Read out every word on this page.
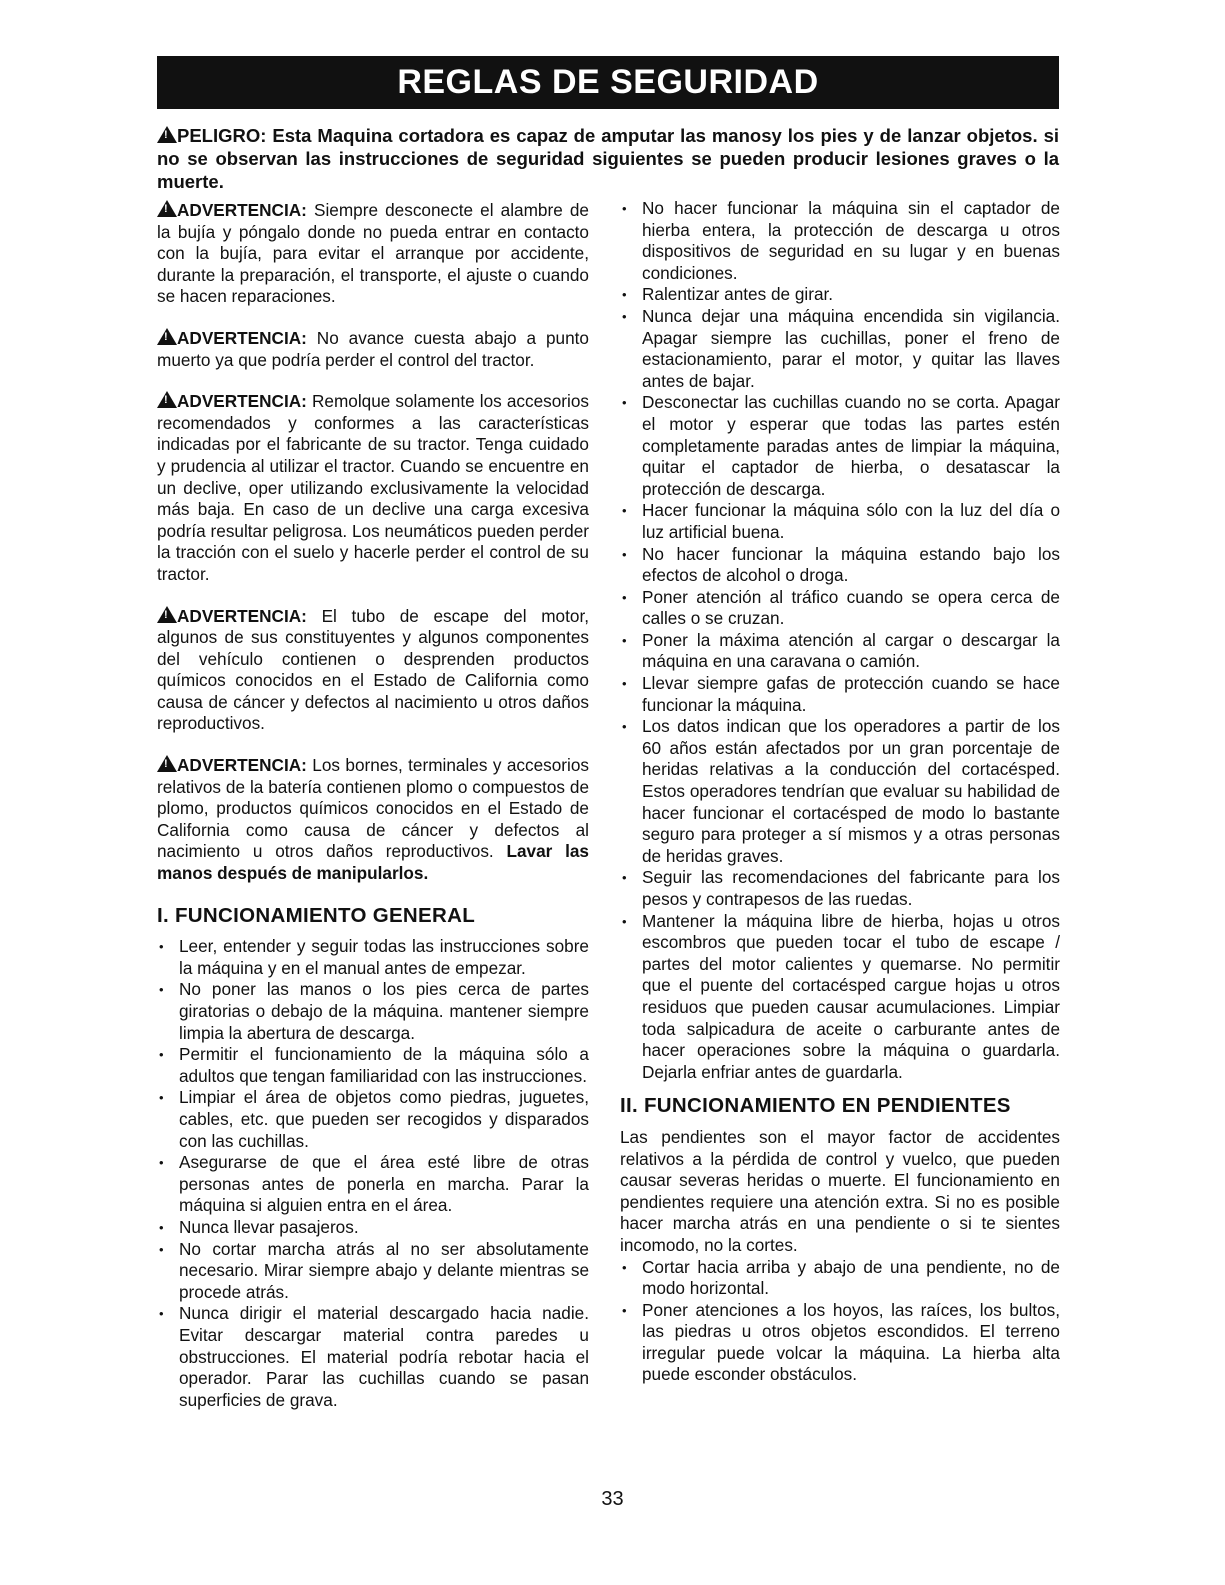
REGLAS DE SEGURIDAD
!PELIGRO: Esta Maquina cortadora es capaz de amputar las manosy los pies y de lanzar objetos. si no se observan las instrucciones de seguridad siguientes se pueden producir lesiones graves o la muerte.

!ADVERTENCIA: Siempre desconecte el alambre de la bujía y póngalo donde no pueda entrar en contacto con la bujía, para evitar el arranque por accidente, durante la preparación, el transporte, el ajuste o cuando se hacen reparaciones.

!ADVERTENCIA: No avance cuesta abajo a punto muerto ya que podría perder el control del tractor.

!ADVERTENCIA: Remolque solamente los accesorios recomendados y conformes a las características indicadas por el fabricante de su tractor. Tenga cuidado y prudencia al utilizar el tractor. Cuando se encuentre en un declive, oper utilizando exclusivamente la velocidad más baja. En caso de un declive una carga excesiva podría resultar peligrosa. Los neumáticos pueden perder la tracción con el suelo y hacerle perder el control de su tractor.

!ADVERTENCIA: El tubo de escape del motor, algunos de sus constituyentes y algunos componentes del vehículo contienen o desprenden productos químicos conocidos en el Estado de California como causa de cáncer y defectos al nacimiento u otros daños reproductivos.

!ADVERTENCIA: Los bornes, terminales y accesorios relativos de la batería contienen plomo o compuestos de plomo, productos químicos conocidos en el Estado de California como causa de cáncer y defectos al nacimiento u otros daños reproductivos. Lavar las manos después de manipularlos.

I. FUNCIONAMIENTO GENERAL
• Leer, entender y seguir todas las instrucciones sobre la máquina y en el manual antes de empezar.
• No poner las manos o los pies cerca de partes giratorias o debajo de la máquina. mantener siempre limpia la abertura de descarga.
• Permitir el funcionamiento de la máquina sólo a adultos que tengan familiaridad con las instrucciones.
• Limpiar el área de objetos como piedras, juguetes, cables, etc. que pueden ser recogidos y disparados con las cuchillas.
• Asegurarse de que el área esté libre de otras personas antes de ponerla en marcha. Parar la máquina si alguien entra en el área.
• Nunca llevar pasajeros.
• No cortar marcha atrás al no ser absolutamente necesario. Mirar siempre abajo y delante mientras se procede atrás.
• Nunca dirigir el material descargado hacia nadie. Evitar descargar material contra paredes u obstrucciones. El material podría rebotar hacia el operador. Parar las cuchillas cuando se pasan superficies de grava.
• No hacer funcionar la máquina sin el captador de hierba entera, la protección de descarga u otros dispositivos de seguridad en su lugar y en buenas condiciones.
• Ralentizar antes de girar.
• Nunca dejar una máquina encendida sin vigilancia. Apagar siempre las cuchillas, poner el freno de estacionamiento, parar el motor, y quitar las llaves antes de bajar.
• Desconectar las cuchillas cuando no se corta. Apagar el motor y esperar que todas las partes estén completamente paradas antes de limpiar la máquina, quitar el captador de hierba, o desatascar la protección de descarga.
• Hacer funcionar la máquina sólo con la luz del día o luz artificial buena.
• No hacer funcionar la máquina estando bajo los efectos de alcohol o droga.
• Poner atención al tráfico cuando se opera cerca de calles o se cruzan.
• Poner la máxima atención al cargar o descargar la máquina en una caravana o camión.
• Llevar siempre gafas de protección cuando se hace funcionar la máquina.
• Los datos indican que los operadores a partir de los 60 años están afectados por un gran porcentaje de heridas relativas a la conducción del cortacésped. Estos operadores tendrían que evaluar su habilidad de hacer funcionar el cortacésped de modo lo bastante seguro para proteger a sí mismos y a otras personas de heridas graves.
• Seguir las recomendaciones del fabricante para los pesos y contrapesos de las ruedas.
• Mantener la máquina libre de hierba, hojas u otros escombros que pueden tocar el tubo de escape / partes del motor calientes y quemarse. No permitir que el puente del cortacésped cargue hojas u otros residuos que pueden causar acumulaciones. Limpiar toda salpicadura de aceite o carburante antes de hacer operaciones sobre la máquina o guardarla. Dejarla enfriar antes de guardarla.
II. FUNCIONAMIENTO EN PENDIENTES

Las pendientes son el mayor factor de accidentes relativos a la pérdida de control y vuelco, que pueden causar severas heridas o muerte. El funcionamiento en pendientes requiere una atención extra. Si no es posible hacer marcha atrás en una pendiente o si te sientes incomodo, no la cortes.

• Cortar hacia arriba y abajo de una pendiente, no de modo horizontal.
• Poner atenciones a los hoyos, las raíces, los bultos, las piedras u otros objetos escondidos. El terreno irregular puede volcar la máquina. La hierba alta puede esconder obstáculos.
33
